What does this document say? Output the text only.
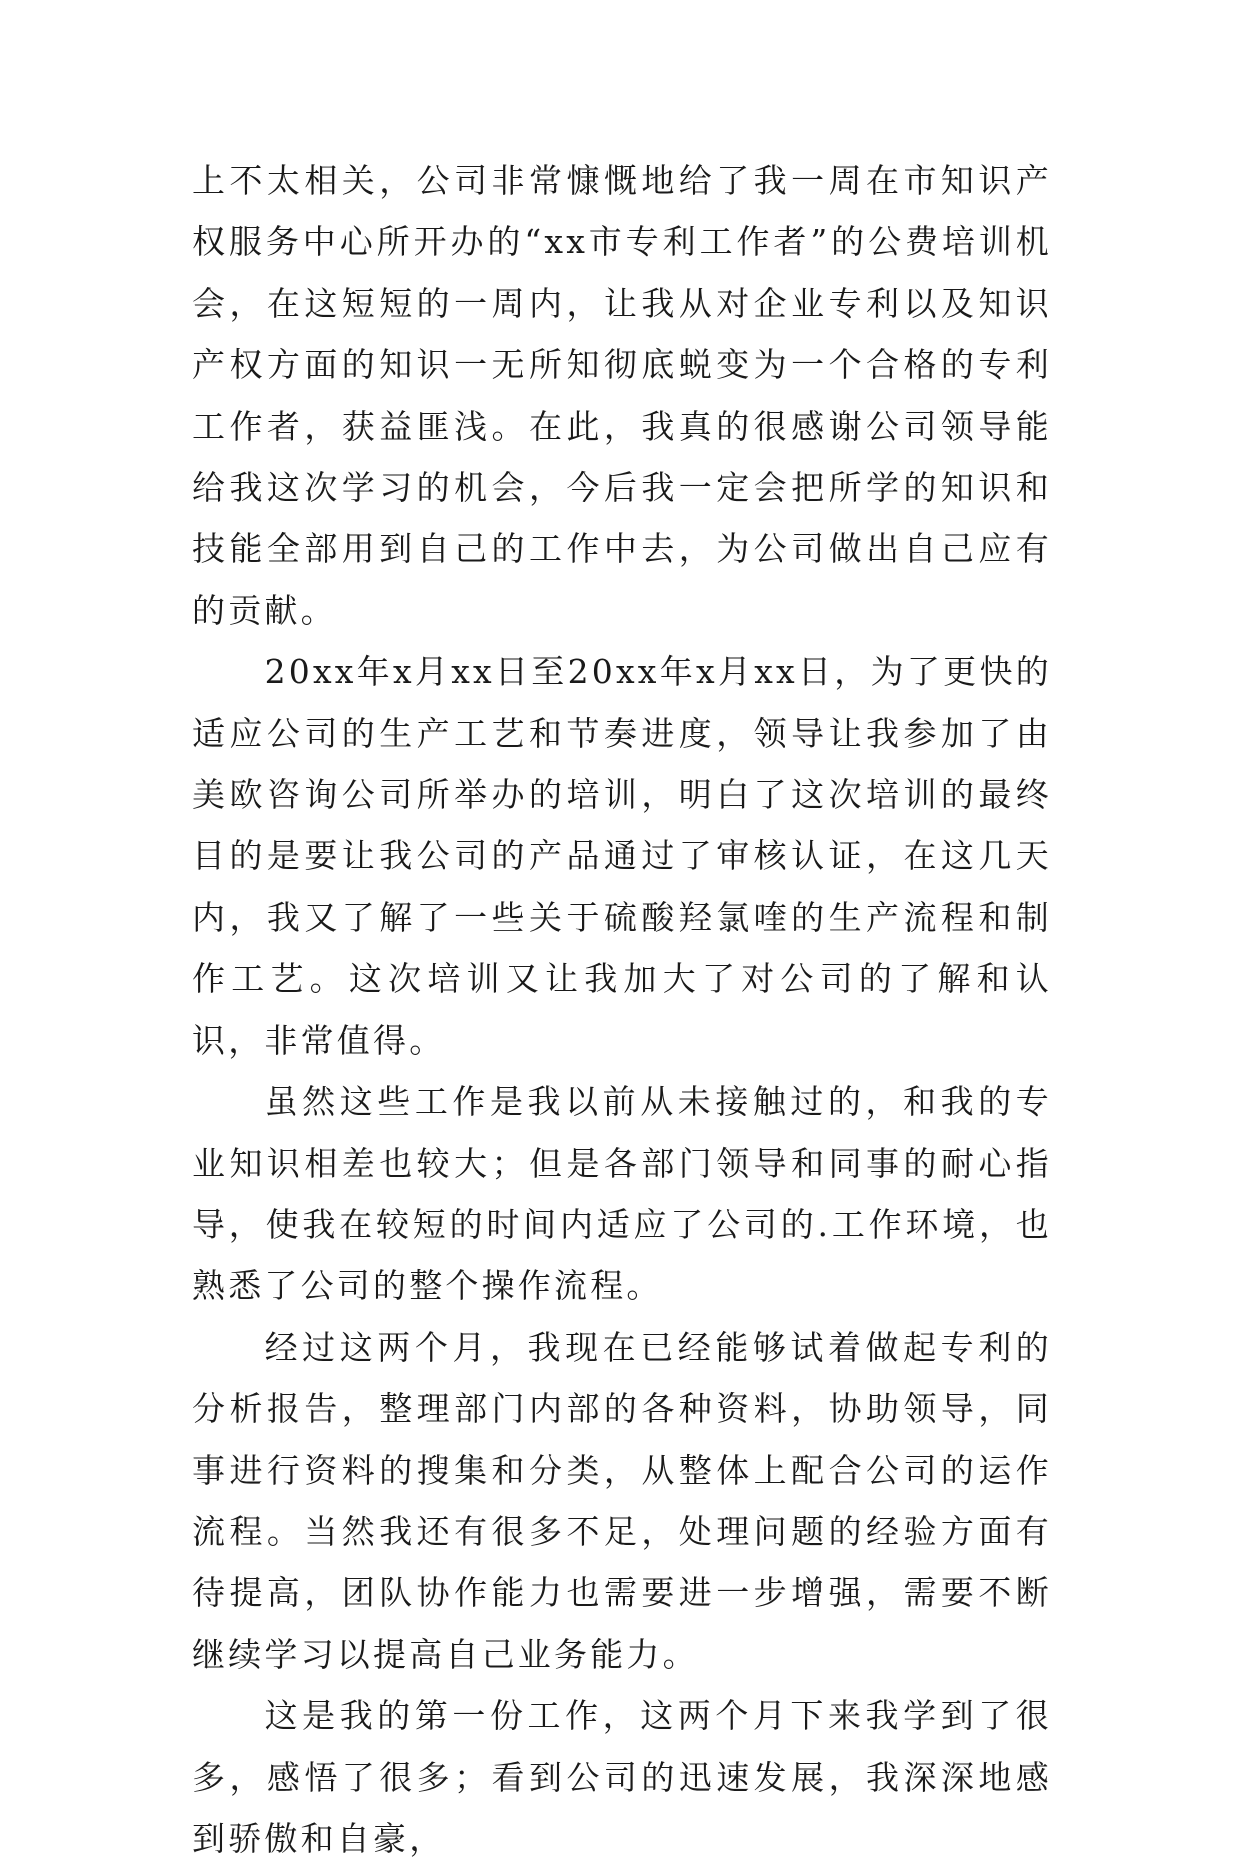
上不太相关，公司非常慷慨地给了我一周在市知识产权服务中心所开办的“xx市专利工作者”的公费培训机会，在这短短的一周内，让我从对企业专利以及知识产权方面的知识一无所知彻底蜕变为一个合格的专利工作者，获益匪浅。在此，我真的很感谢公司领导能给我这次学习的机会，今后我一定会把所学的知识和技能全部用到自己的工作中去，为公司做出自己应有的贡献。

20xx年x月xx日至20xx年x月xx日，为了更快的适应公司的生产工艺和节奏进度，领导让我参加了由美欧咨询公司所举办的培训，明白了这次培训的最终目的是要让我公司的产品通过了审核认证，在这几天内，我又了解了一些关于硫酸羟氯喹的生产流程和制作工艺。这次培训又让我加大了对公司的了解和认识，非常值得。

虽然这些工作是我以前从未接触过的，和我的专业知识相差也较大；但是各部门领导和同事的耐心指导，使我在较短的时间内适应了公司的.工作环境，也熟悉了公司的整个操作流程。

经过这两个月，我现在已经能够试着做起专利的分析报告，整理部门内部的各种资料，协助领导，同事进行资料的搜集和分类，从整体上配合公司的运作流程。当然我还有很多不足，处理问题的经验方面有待提高，团队协作能力也需要进一步增强，需要不断继续学习以提高自己业务能力。

这是我的第一份工作，这两个月下来我学到了很多，感悟了很多；看到公司的迅速发展，我深深地感到骄傲和自豪，
